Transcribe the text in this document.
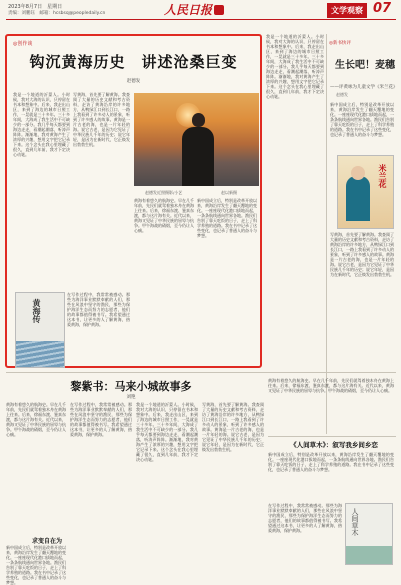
2023年8月7日　星期日
责编：刘鹏钰　邮箱：hcsbsq@peopledaily.cn	人民日报	文学观察 07
◎创作谈
钩沉黄海历史　讲述沧桑巨变
赵德发
我是一个地道的沂蒙人。小时候，我对大海的认识，只停留在书本和想象中。后来，我走出山区，来到了海边的城市日照工作，一晃就是三十多年。三十多年间，大海成了我生活中不可缺少的一部分。我几乎每天都要到海边走走，看潮起潮落，听涛声阵阵。渐渐地，我对黄海产生了浓厚的兴趣，想用文字把它记录下来。这个念头在我心里埋藏了很久，直到几年前，我才下定决心动笔。
写黄海，首先要了解黄海。我查阅了大量的历史文献和考古资料，走访了黄海沿岸的许多地方，从鸭绿江口到长江口，一路上我看到了许多动人的景象，听到了许多感人的故事。黄海是一片古老的海，也是一片年轻的海。说它古老，是因为它见证了中华民族几千年的历史；说它年轻，是因为在新时代，它正焕发出勃勃生机。
赵德发近照摄影/小艺	赵以新摄
黄海有着悠久的航海史。早在几千年前，先民们就驾着独木舟在黄海上往来。后来，徐福东渡、鉴真东渡，都与这片海有关。近代以来，黄海又见证了中华民族的屈辱与抗争。甲午海战的硝烟，至今仍让人心痛。
新中国成立后，特别是改革开放以来，黄海沿岸发生了翻天覆地的变化。一座座现代化港口拔地而起，一条条航线通向世界各地。渔民们告别了靠天吃饭的日子，走上了科学养殖的道路。我在书中记录了这些变化，也记录了普通人的奋斗与梦想。
在写作过程中，我常常被感动。那些为海洋事业默默奉献的人们，那些在风浪中坚守的渔民，那些为保护海洋生态而努力的志愿者，他们的故事都值得被书写。我希望通过这本书，让更多的人了解黄海，热爱黄海，保护黄海。
黄海传
我是一个地道的沂蒙人。小时候，我对大海的认识，只停留在书本和想象中。后来，我走出山区，来到了海边的城市日照工作，一晃就是三十多年。三十多年间，大海成了我生活中不可缺少的一部分。我几乎每天都要到海边走走，看潮起潮落，听涛声阵阵。渐渐地，我对黄海产生了浓厚的兴趣，想用文字把它记录下来。这个念头在我心里埋藏了很久，直到几年前，我才下定决心动笔。
◎新书快评
生长吧！麦穗
——评黄咏为儿童文学《米兰花》
赵德发
新中国成立后，特别是改革开放以来，黄海沿岸发生了翻天覆地的变化。一座座现代化港口拔地而起，一条条航线通向世界各地。渔民们告别了靠天吃饭的日子，走上了科学养殖的道路。我在书中记录了这些变化，也记录了普通人的奋斗与梦想。
米兰花
写黄海，首先要了解黄海。我查阅了大量的历史文献和考古资料，走访了黄海沿岸的许多地方，从鸭绿江口到长江口，一路上我看到了许多动人的景象，听到了许多感人的故事。黄海是一片古老的海，也是一片年轻的海。说它古老，是因为它见证了中华民族几千年的历史；说它年轻，是因为在新时代，它正焕发出勃勃生机。
黎紫书：马来小城故事多
刘艳
黄海有着悠久的航海史。早在几千年前，先民们就驾着独木舟在黄海上往来。后来，徐福东渡、鉴真东渡，都与这片海有关。近代以来，黄海又见证了中华民族的屈辱与抗争。甲午海战的硝烟，至今仍让人心痛。
在写作过程中，我常常被感动。那些为海洋事业默默奉献的人们，那些在风浪中坚守的渔民，那些为保护海洋生态而努力的志愿者，他们的故事都值得被书写。我希望通过这本书，让更多的人了解黄海，热爱黄海，保护黄海。
我是一个地道的沂蒙人。小时候，我对大海的认识，只停留在书本和想象中。后来，我走出山区，来到了海边的城市日照工作，一晃就是三十多年。三十多年间，大海成了我生活中不可缺少的一部分。我几乎每天都要到海边走走，看潮起潮落，听涛声阵阵。渐渐地，我对黄海产生了浓厚的兴趣，想用文字把它记录下来。这个念头在我心里埋藏了很久，直到几年前，我才下定决心动笔。
写黄海，首先要了解黄海。我查阅了大量的历史文献和考古资料，走访了黄海沿岸的许多地方，从鸭绿江口到长江口，一路上我看到了许多动人的景象，听到了许多感人的故事。黄海是一片古老的海，也是一片年轻的海。说它古老，是因为它见证了中华民族几千年的历史；说它年轻，是因为在新时代，它正焕发出勃勃生机。
求变自在为
新中国成立后，特别是改革开放以来，黄海沿岸发生了翻天覆地的变化。一座座现代化港口拔地而起，一条条航线通向世界各地。渔民们告别了靠天吃饭的日子，走上了科学养殖的道路。我在书中记录了这些变化，也记录了普通人的奋斗与梦想。
黄海有着悠久的航海史。早在几千年前，先民们就驾着独木舟在黄海上往来。后来，徐福东渡、鉴真东渡，都与这片海有关。近代以来，黄海又见证了中华民族的屈辱与抗争。甲午海战的硝烟，至今仍让人心痛。
《人间草木》：叙写我乡间乡恋
新中国成立后，特别是改革开放以来，黄海沿岸发生了翻天覆地的变化。一座座现代化港口拔地而起，一条条航线通向世界各地。渔民们告别了靠天吃饭的日子，走上了科学养殖的道路。我在书中记录了这些变化，也记录了普通人的奋斗与梦想。
在写作过程中，我常常被感动。那些为海洋事业默默奉献的人们，那些在风浪中坚守的渔民，那些为保护海洋生态而努力的志愿者，他们的故事都值得被书写。我希望通过这本书，让更多的人了解黄海，热爱黄海，保护黄海。	人间草木
